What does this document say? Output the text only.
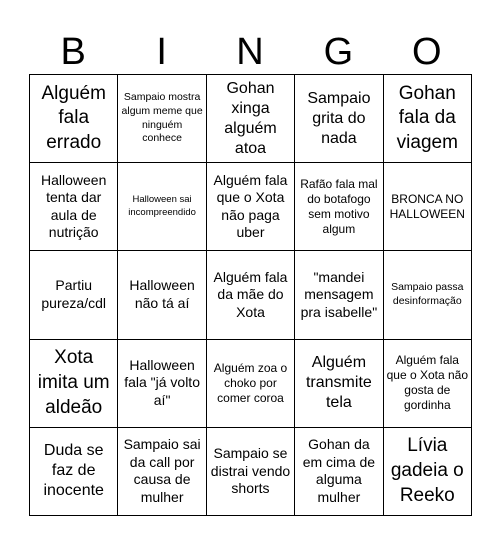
B	I	N	G	O
Alguém fala errado
Sampaio mostra algum meme que ninguém conhece
Gohan xinga alguém atoa
Sampaio grita do nada
Gohan fala da viagem
Halloween tenta dar aula de nutrição
Halloween sai incompreendido
Alguém fala que o Xota não paga uber
Rafão fala mal do botafogo sem motivo algum
BRONCA NO HALLOWEEN
Partiu pureza/cdl
Halloween não tá aí
Alguém fala da mãe do Xota
"mandei mensagem pra isabelle"
Sampaio passa desinformação
Xota imita um aldeão
Halloween fala "já volto aí"
Alguém zoa o choko por comer coroa
Alguém transmite tela
Alguém fala que o Xota não gosta de gordinha
Duda se faz de inocente
Sampaio sai da call por causa de mulher
Sampaio se distrai vendo shorts
Gohan da em cima de alguma mulher
Lívia gadeia o Reeko
